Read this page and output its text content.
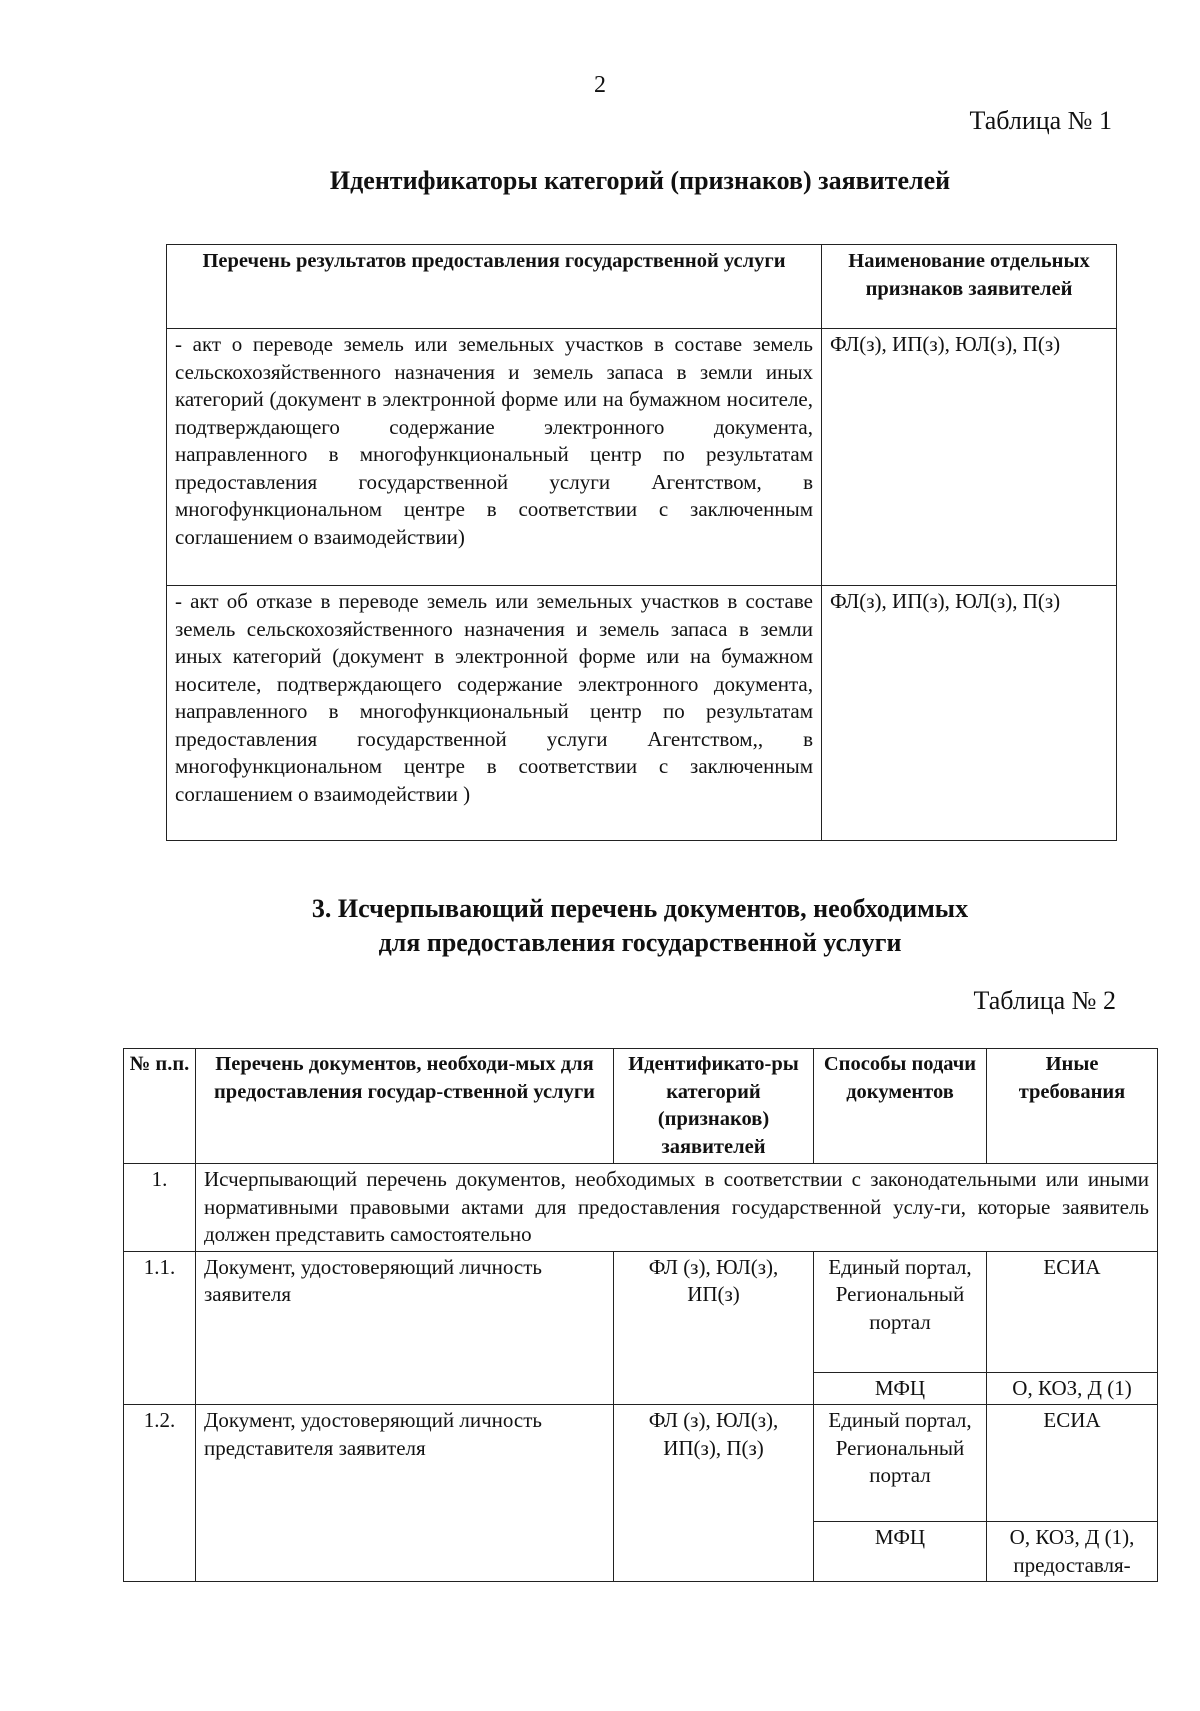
2
Таблица № 1
Идентификаторы категорий (признаков) заявителей
Перечень результатов предоставления государственной услуги	Наименование отдельных признаков заявителей
- акт о переводе земель или земельных участков в составе земель сельскохозяйственного назначения и земель запаса в земли иных категорий (документ в электронной форме или на бумажном носителе, подтверждающего содержание электронного документа, направленного в многофункциональный центр по результатам предоставления государственной услуги Агентством, в многофункциональном центре в соответствии с заключенным соглашением о взаимодействии)	ФЛ(з), ИП(з), ЮЛ(з), П(з)
- акт об отказе в переводе земель или земельных участков в составе земель сельскохозяйственного назначения и земель запаса в земли иных категорий (документ в электронной форме или на бумажном носителе, подтверждающего содержание электронного документа, направленного в многофункциональный центр по результатам предоставления государственной услуги Агентством,, в многофункциональном центре в соответствии с заключенным соглашением о взаимодействии )	ФЛ(з), ИП(з), ЮЛ(з), П(з)
3. Исчерпывающий перечень документов, необходимых
для предоставления государственной услуги
Таблица № 2
№ п.п.	Перечень документов, необходи-мых для предоставления государ-ственной услуги	Идентификато-ры категорий (признаков) заявителей	Способы подачи документов	Иные требования
1.	Исчерпывающий перечень документов, необходимых в соответствии с законодательными или иными нормативными правовыми актами для предоставления государственной услу-ги, которые заявитель должен представить самостоятельно			
1.1.	Документ, удостоверяющий личность заявителя	ФЛ (з), ЮЛ(з), ИП(з)	Единый портал, Региональный портал	ЕСИА
			МФЦ	О, КОЗ, Д (1)
1.2.	Документ, удостоверяющий личность представителя заявителя	ФЛ (з), ЮЛ(з), ИП(з), П(з)	Единый портал, Региональный портал	ЕСИА
			МФЦ	О, КОЗ, Д (1), предоставля-
